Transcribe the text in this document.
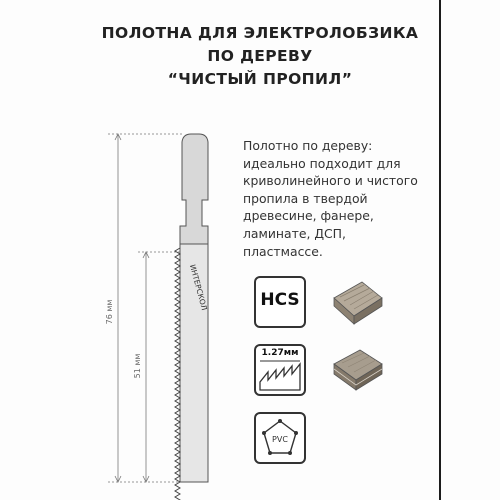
ПОЛОТНА ДЛЯ ЭЛЕКТРОЛОБЗИКА
ПО ДЕРЕВУ
“ЧИСТЫЙ ПРОПИЛ”
76 мм
51 мм
ИНТЕРСКОЛ
Полотно по дереву:
идеально подходит для
криволинейного и чистого
пропила в твердой
древесине, фанере,
ламинате, ДСП,
пластмассе.
HCS
1.27мм
PVC
